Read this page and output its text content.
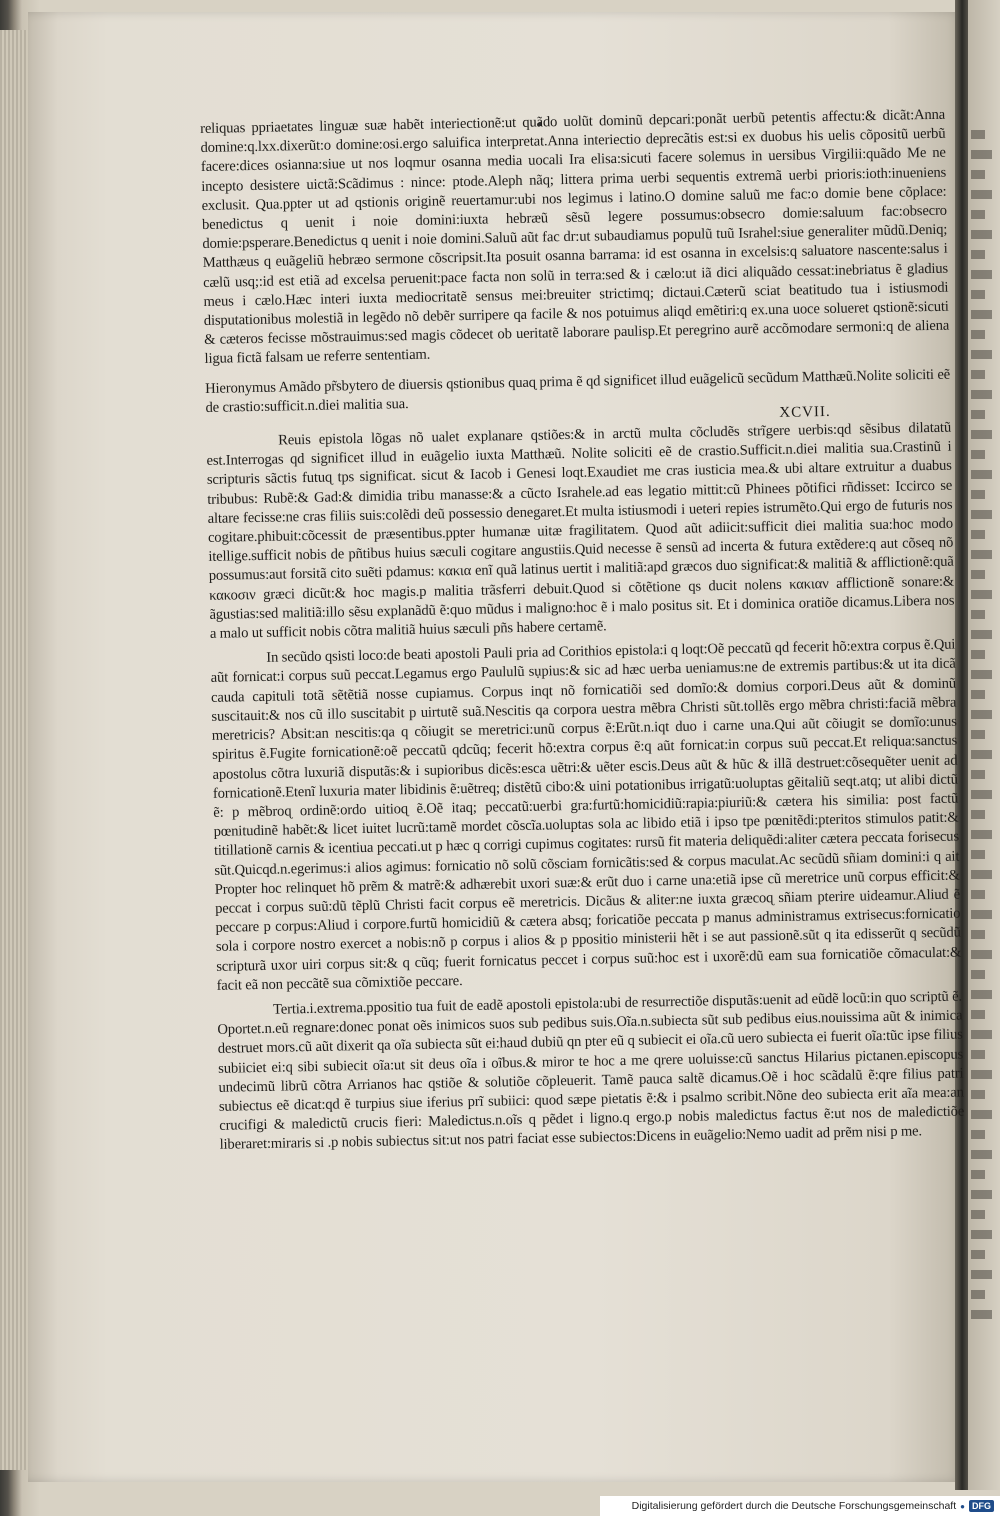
reliquas ppriaetates linguæ suæ habẽt interiectionẽ:ut quãdo uolũt dominũ depcari:ponãt uerbũ petentis affectu:& dicãt:Anna domine:q.lxx.dixerũt:o domine:osi.ergo saluifica interpretat.Anna interiectio deprecãtis est:si ex duobus his uelis cõpositũ uerbũ facere:dices osianna:siue ut nos loqmur osanna media uocali Ira elisa:sicuti facere solemus in uersibus Virgilii:quãdo Me ne incepto desistere uictã:Scãdimus : nince: ptode.Aleph nãq; littera prima uerbi sequentis extremã uerbi prioris:ioth:inueniens exclusit. Qua.ppter ut ad qstionis originẽ reuertamur:ubi nos legimus i latino.O domine saluũ me fac:o domie bene cõplace: benedictus q uenit i noie domini:iuxta hebræũ sẽsũ legere possumus:obsecro domie:saluum fac:obsecro domie:psperare.Benedictus q uenit i noie domini.Saluũ aũt fac dr:ut subaudiamus populũ tuũ Israhel:siue generaliter mũdũ.Deniq; Matthæus q euãgeliũ hebræo sermone cõscripsit.Ita posuit osanna barrama: id est osanna in excelsis:q saluatore nascente:salus i cælũ usq;:id est etiã ad excelsa peruenit:pace facta non solũ in terra:sed & i cælo:ut iã dici aliquãdo cessat:inebriatus ẽ gladius meus i cælo.Hæc interi iuxta mediocritatẽ sensus mei:breuiter strictimq; dictaui.Cæterũ sciat beatitudo tua i istiusmodi disputationibus molestiã in legẽdo nõ debẽr surripere qa facile & nos potuimus aliqd emẽtiri:q ex.una uoce solueret qstionẽ:sicuti & cæteros fecisse mõstrauimus:sed magis cõdecet ob ueritatẽ laborare paulisp.Et peregrino aurẽ accõmodare sermoni:q de aliena ligua fictã falsam ue referre sententiam.

Hieronymus Amãdo pr̃sbytero de diuersis qstionibus quaɋ prima ẽ qd significet illud euãgelicũ secũdum Matthæũ.Nolite soliciti eẽ de crastio:sufficit.n.diei malitia sua.	XCVII.

Reuis epistola lõgas nõ ualet explanare qstiões:& in arctũ multa cõcludẽs strĩgere uerbis:qd sẽsibus dilatatũ est.Interrogas qd significet illud in euãgelio iuxta Matthæũ. Nolite soliciti eẽ de crastio.Sufficit.n.diei malitia sua.Crastinũ i scripturis sãctis futuɋ tps significat. sicut & Iacob i Genesi loqt.Exaudiet me cras iusticia mea.& ubi altare extruitur a duabus tribubus: Rubẽ:& Gad:& dimidia tribu manasse:& a cũcto Israhele.ad eas legatio mittit:cũ Phinees põtifici rñdisset: Iccirco se altare fecisse:ne cras filiis suis:colẽdi deũ possessio denegaret.Et multa istiusmodi i ueteri repies istrumẽto.Qui ergo de futuris nos cogitare.phibuit:cõcessit de præsentibus.ppter humanæ uitæ fragilitatem. Quod aũt adiicit:sufficit diei malitia sua:hoc modo itellige.sufficit nobis de pñtibus huius sæculi cogitare angustiis.Quid necesse ẽ sensũ ad incerta & futura extẽdere:q aut cõseq nõ possumus:aut forsitã cito suẽti pdamus: κακια enĩ quã latinus uertit i malitiã:apd græcos duo significat:& malitiã & afflictionẽ:quã κακοσιν græci dicũt:& hoc magis.p malitia trãsferri debuit.Quod si cõtẽtione qs ducit nolens κακιαν afflictionẽ sonare:& ãgustias:sed malitiã:illo sẽsu explanãdũ ẽ:quo mũdus i maligno:hoc ẽ i malo positus sit. Et i dominica oratiõe dicamus.Libera nos a malo ut sufficit nobis cõtra malitiã huius sæculi pñs habere certamẽ.

In secũdo qsisti loco:de beati apostoli Pauli pria ad Corithios epistola:i q loqt:Oẽ peccatũ qd fecerit hõ:extra corpus ẽ.Qui aũt fornicat:i corpus suũ peccat.Legamus ergo Paululũ sụpius:& sic ad hæc uerba ueniamus:ne de extremis partibus:& ut ita dicã cauda capituli totã sẽtẽtiã nosse cupiamus. Corpus inqt nõ fornicatiõi sed domĩo:& domius corpori.Deus aũt & dominũ suscitauit:& nos cũ illo suscitabit p uirtutẽ suã.Nescitis qa corpora uestra mẽbra Christi sũt.tollẽs ergo mẽbra christi:faciã mẽbra meretricis? Absit:an nescitis:qa q cõiugit se meretrici:unũ corpus ẽ:Erũt.n.iqt duo i carne una.Qui aũt cõiugit se domĩo:unus spiritus ẽ.Fugite fornicationẽ:oẽ peccatũ qdcũq; fecerit hõ:extra corpus ẽ:q aũt fornicat:in corpus suũ peccat.Et reliqua:sanctus apostolus cõtra luxuriã disputãs:& i supioribus dicẽs:esca uẽtri:& uẽter escis.Deus aũt & hũc & illã destruet:cõsequẽter uenit ad fornicationẽ.Etenĩ luxuria mater libidinis ẽ:uẽtreq; distẽtũ cibo:& uini potationibus irrigatũ:uoluptas gẽitaliũ seqt.atq; ut alibi dictũ ẽ: p mẽbroɋ ordinẽ:ordo uitioɋ ẽ.Oẽ itaq; peccatũ:uerbi gra:furtũ:homicidiũ:rapia:piuriũ:& cætera his similia: post factũ pœnitudinẽ habẽt:& licet iuitet lucrũ:tamẽ mordet cõscĩa.uoluptas sola ac libido etiã i ipso tpe pœnitẽdi:pteritos stimulos patit:& titillationẽ carnis & icentiua peccati.ut p hæc q corrigi cupimus cogitates: rursũ fit materia deliquẽdi:aliter cætera peccata forisecus sũt.Quicqd.n.egerimus:i alios agimus: fornicatio nõ solũ cõsciam fornicãtis:sed & corpus maculat.Ac secũdũ sñiam domini:i q ait Propter hoc relinquet hõ prẽm & matrẽ:& adhærebit uxori suæ:& erũt duo i carne una:etiã ipse cũ meretrice unũ corpus efficit:& peccat i corpus suũ:dũ tẽplũ Christi facit corpus eẽ meretricis. Dicãus & aliter:ne iuxta græcoɋ sñiam pterire uideamur.Aliud ẽ peccare p corpus:Aliud i corpore.furtũ homicidiũ & cætera absq; foricatiõe peccata p manus administramus extrisecus:fornicatio sola i corpore nostro exercet a nobis:nõ p corpus i alios & p ppositio ministerii hẽt i se aut passionẽ.sũt q ita edisserũt q secũdũ scripturã uxor uiri corpus sit:& q cũq; fuerit fornicatus peccet i corpus suũ:hoc est i uxorẽ:dũ eam sua fornicatiõe cõmaculat:& facit eã non peccãtẽ sua cõmixtiõe peccare.

Tertia.i.extrema.ppositio tua fuit de eadẽ apostoli epistola:ubi de resurrectiõe disputãs:uenit ad eũdẽ locũ:in quo scriptũ ẽ. Oportet.n.eũ regnare:donec ponat oẽs inimicos suos sub pedibus suis.Oĩa.n.subiecta sũt sub pedibus eius.nouissima aũt & inimica destruet mors.cũ aũt dixerit qa oĩa subiecta sũt ei:haud dubiũ qn pter eũ q subiecit ei oĩa.cũ uero subiecta ei fuerit oĩa:tũc ipse filius subiiciet ei:q sibi subiecit oĩa:ut sit deus oĩa i oĩbus.& miror te hoc a me qrere uoluisse:cũ sanctus Hilarius pictanen.episcopus undecimũ librũ cõtra Arrianos hac qstiõe & solutiõe cõpleuerit. Tamẽ pauca saltẽ dicamus.Oẽ i hoc scãdalũ ẽ:qre filius patri subiectus eẽ dicat:qd ẽ turpius siue iferius prĩ subiici: quod sæpe pietatis ẽ:& i psalmo scribit.Nõne deo subiecta erit aĩa mea:an crucifigi & maledictũ crucis fieri: Maledictus.n.oĩs q pẽdet i ligno.q ergo.p nobis maledictus factus ẽ:ut nos de maledictiõe liberaret:miraris si .p nobis subiectus sit:ut nos patri faciat esse subiectos:Dicens in euãgelio:Nemo uadit ad prẽm nisi p me.

Digitalisierung gefördert durch die Deutsche Forschungsgemeinschaft ● DFG
